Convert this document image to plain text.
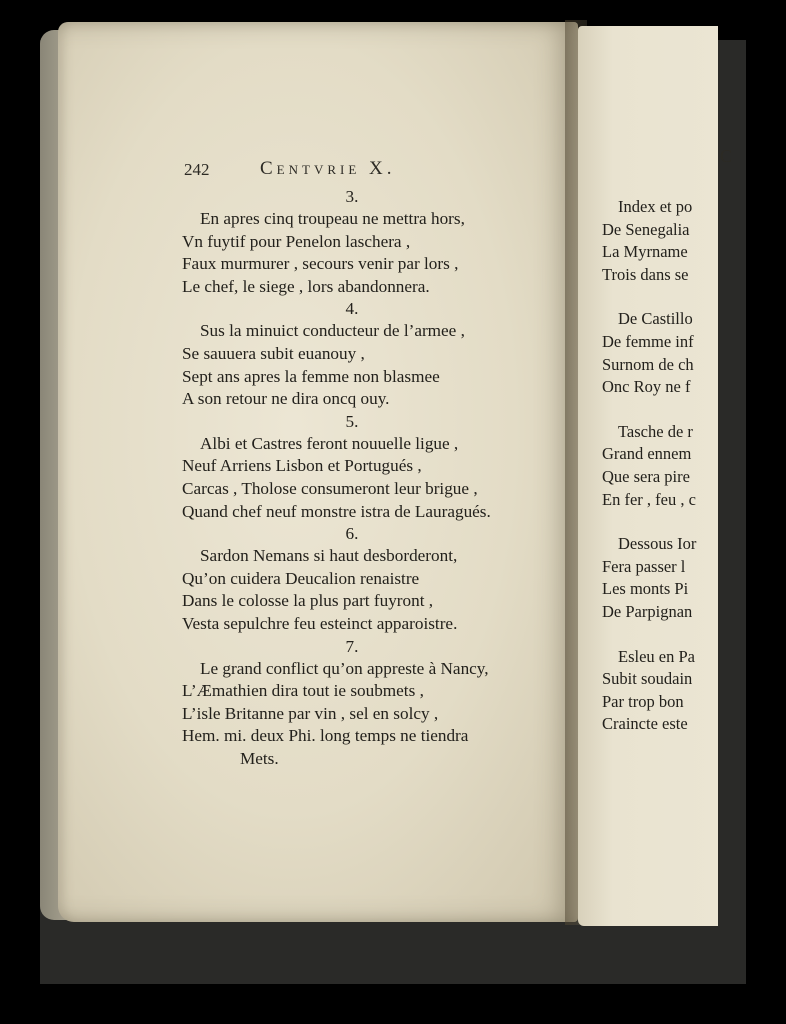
242	Centvrie X.
3.
En apres cinq troupeau ne mettra hors,
Vn fuytif pour Penelon laschera ,
Faux murmurer , secours venir par lors ,
Le chef, le siege , lors abandonnera.
4.
Sus la minuict conducteur de l’armee ,
Se sauuera subit euanouy ,
Sept ans apres la femme non blasmee
A son retour ne dira oncq ouy.
5.
Albi et Castres feront nouuelle ligue ,
Neuf Arriens Lisbon et Portugués ,
Carcas , Tholose consumeront leur brigue ,
Quand chef neuf monstre istra de Lauragués.
6.
Sardon Nemans si haut desborderont,
Qu’on cuidera Deucalion renaistre
Dans le colosse la plus part fuyront ,
Vesta sepulchre feu esteinct apparoistre.
7.
Le grand conflict qu’on appreste à Nancy,
L’Æmathien dira tout ie soubmets ,
L’isle Britanne par vin , sel en solcy ,
Hem. mi. deux Phi. long temps ne tiendra
Mets.
C
Index et po
De Senegalia
La Myrname
Trois dans se
De Castillo
De femme inf
Surnom de ch
Onc Roy ne f
Tasche de r
Grand ennem
Que sera pire
En fer , feu , c
Dessous Ior
Fera passer l
Les monts Pi
De Parpignan
Esleu en Pa
Subit soudain
Par trop bon
Craincte este
